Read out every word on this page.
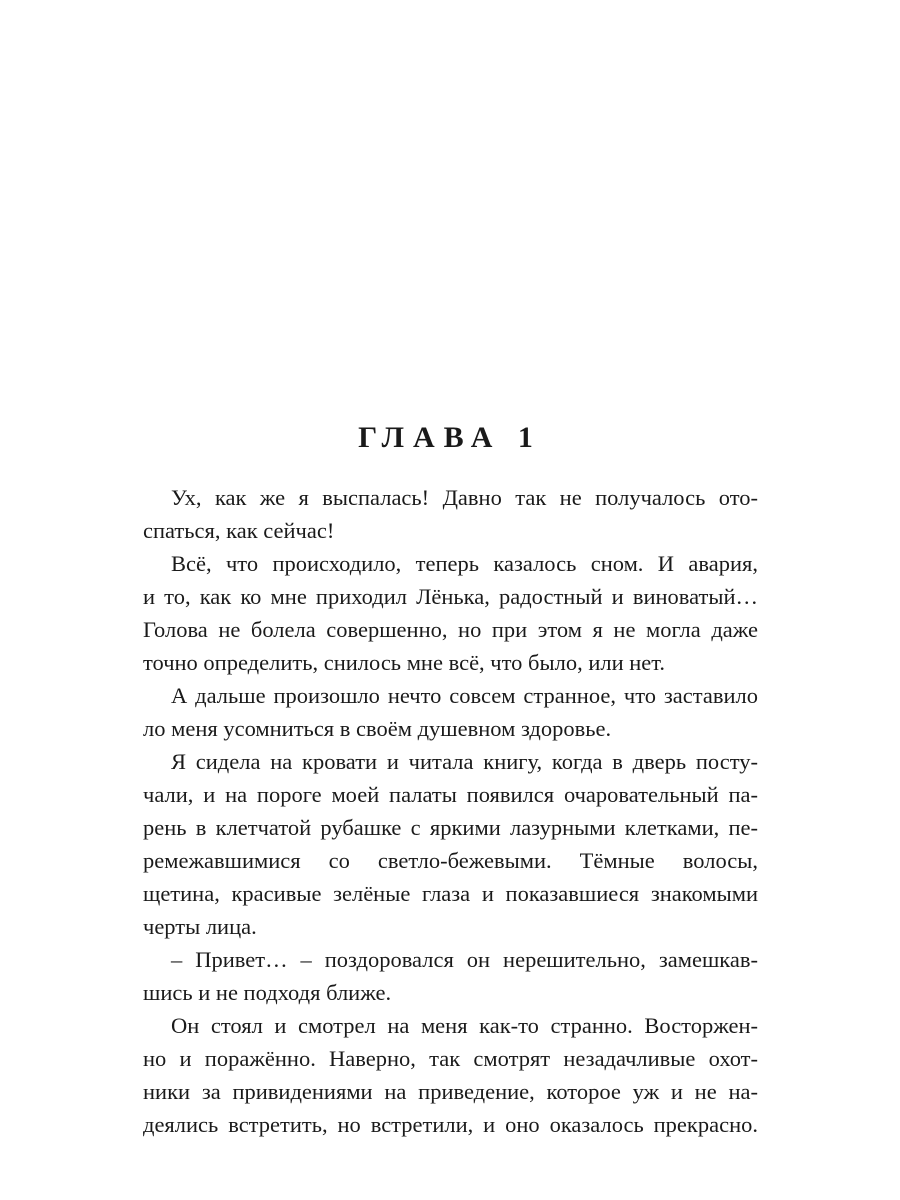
ГЛАВА 1
Ух, как же я выспалась! Давно так не получалось ото-
спаться, как сейчас!
Всё, что происходило, теперь казалось сном. И авария,
и то, как ко мне приходил Лёнька, радостный и виноватый…
Голова не болела совершенно, но при этом я не могла даже
точно определить, снилось мне всё, что было, или нет.
А дальше произошло нечто совсем странное, что заставило
ло меня усомниться в своём душевном здоровье.
Я сидела на кровати и читала книгу, когда в дверь посту-
чали, и на пороге моей палаты появился очаровательный па-
рень в клетчатой рубашке с яркими лазурными клетками, пе-
ремежавшимися со светло-бежевыми. Тёмные волосы,
щетина, красивые зелёные глаза и показавшиеся знакомыми
черты лица.
– Привет… – поздоровался он нерешительно, замешкав-
шись и не подходя ближе.
Он стоял и смотрел на меня как-то странно. Восторжен-
но и поражённо. Наверно, так смотрят незадачливые охот-
ники за привидениями на приведение, которое уж и не на-
деялись встретить, но встретили, и оно оказалось прекрасно.
